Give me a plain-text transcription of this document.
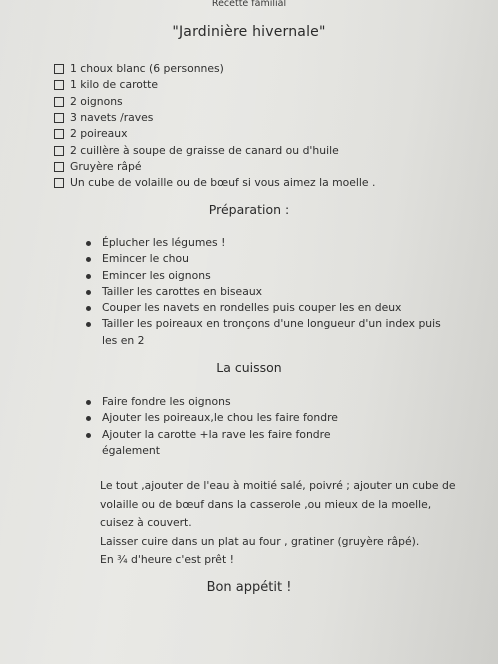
Recette familial
"Jardinière hivernale"
1 choux blanc (6 personnes)
1 kilo de carotte
2 oignons
3 navets /raves
2 poireaux
2 cuillère à soupe de graisse de canard ou d'huile
Gruyère râpé
Un cube de volaille ou de bœuf si vous aimez la moelle .
Préparation :
Éplucher les légumes !
Emincer le chou
Emincer les oignons
Tailler les carottes en biseaux
Couper les navets en rondelles puis couper les en deux
Tailler les poireaux en tronçons d'une longueur d'un index puis les en 2
La cuisson
Faire fondre les oignons
Ajouter les poireaux,le chou les faire fondre
Ajouter la carotte +la rave les faire fondre également
Le tout ,ajouter de l'eau à moitié salé, poivré ; ajouter un cube de
volaille ou de bœuf dans la casserole ,ou mieux de la moelle,
cuisez à couvert.
Laisser cuire dans un plat au four , gratiner (gruyère râpé).
En ¾ d'heure c'est prêt !
Bon appétit !
